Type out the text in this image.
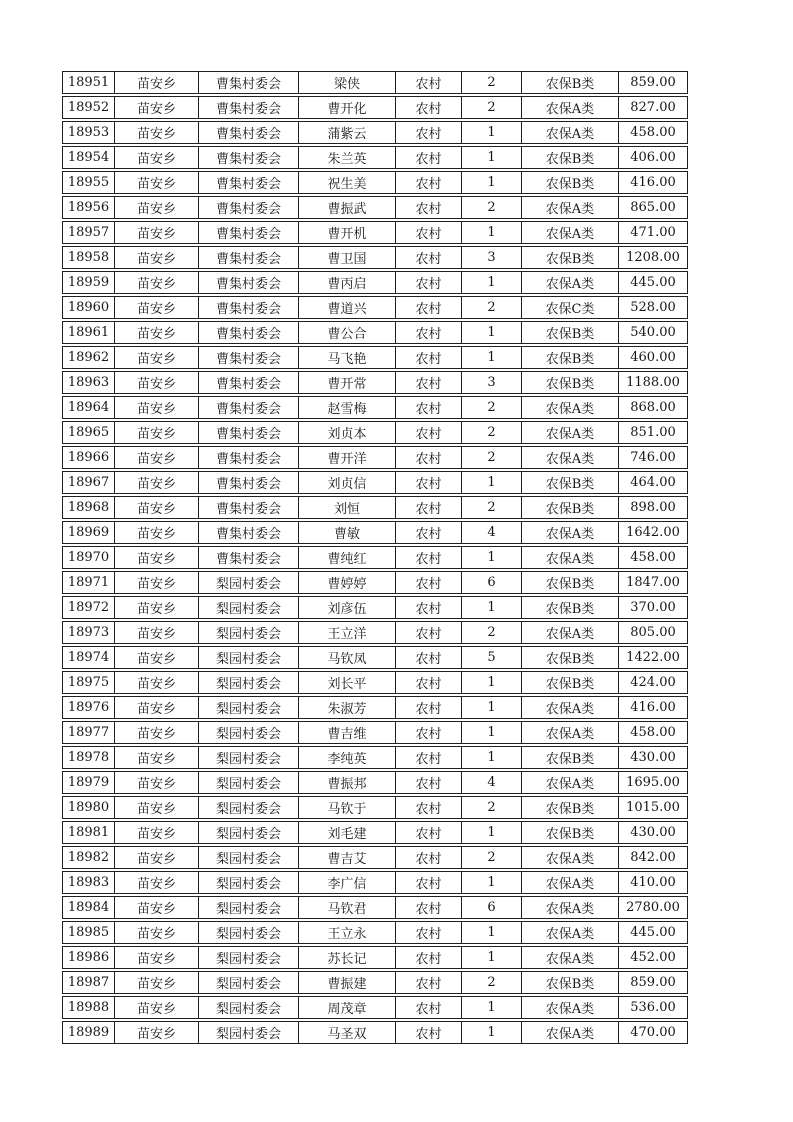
18951	苗安乡	曹集村委会	梁侠	农村	2	农保B类	859.00
18952	苗安乡	曹集村委会	曹开化	农村	2	农保A类	827.00
18953	苗安乡	曹集村委会	蒲紫云	农村	1	农保A类	458.00
18954	苗安乡	曹集村委会	朱兰英	农村	1	农保B类	406.00
18955	苗安乡	曹集村委会	祝生美	农村	1	农保B类	416.00
18956	苗安乡	曹集村委会	曹振武	农村	2	农保A类	865.00
18957	苗安乡	曹集村委会	曹开机	农村	1	农保A类	471.00
18958	苗安乡	曹集村委会	曹卫国	农村	3	农保B类	1208.00
18959	苗安乡	曹集村委会	曹丙启	农村	1	农保A类	445.00
18960	苗安乡	曹集村委会	曹道兴	农村	2	农保C类	528.00
18961	苗安乡	曹集村委会	曹公合	农村	1	农保B类	540.00
18962	苗安乡	曹集村委会	马飞艳	农村	1	农保B类	460.00
18963	苗安乡	曹集村委会	曹开常	农村	3	农保B类	1188.00
18964	苗安乡	曹集村委会	赵雪梅	农村	2	农保A类	868.00
18965	苗安乡	曹集村委会	刘贞本	农村	2	农保A类	851.00
18966	苗安乡	曹集村委会	曹开洋	农村	2	农保A类	746.00
18967	苗安乡	曹集村委会	刘贞信	农村	1	农保B类	464.00
18968	苗安乡	曹集村委会	刘恒	农村	2	农保B类	898.00
18969	苗安乡	曹集村委会	曹敏	农村	4	农保A类	1642.00
18970	苗安乡	曹集村委会	曹纯红	农村	1	农保A类	458.00
18971	苗安乡	梨园村委会	曹婷婷	农村	6	农保B类	1847.00
18972	苗安乡	梨园村委会	刘彦伍	农村	1	农保B类	370.00
18973	苗安乡	梨园村委会	王立洋	农村	2	农保A类	805.00
18974	苗安乡	梨园村委会	马钦凤	农村	5	农保B类	1422.00
18975	苗安乡	梨园村委会	刘长平	农村	1	农保B类	424.00
18976	苗安乡	梨园村委会	朱淑芳	农村	1	农保A类	416.00
18977	苗安乡	梨园村委会	曹吉维	农村	1	农保A类	458.00
18978	苗安乡	梨园村委会	李纯英	农村	1	农保B类	430.00
18979	苗安乡	梨园村委会	曹振邦	农村	4	农保A类	1695.00
18980	苗安乡	梨园村委会	马钦于	农村	2	农保B类	1015.00
18981	苗安乡	梨园村委会	刘毛建	农村	1	农保B类	430.00
18982	苗安乡	梨园村委会	曹吉艾	农村	2	农保A类	842.00
18983	苗安乡	梨园村委会	李广信	农村	1	农保A类	410.00
18984	苗安乡	梨园村委会	马钦君	农村	6	农保A类	2780.00
18985	苗安乡	梨园村委会	王立永	农村	1	农保A类	445.00
18986	苗安乡	梨园村委会	苏长记	农村	1	农保A类	452.00
18987	苗安乡	梨园村委会	曹振建	农村	2	农保B类	859.00
18988	苗安乡	梨园村委会	周茂章	农村	1	农保A类	536.00
18989	苗安乡	梨园村委会	马圣双	农村	1	农保A类	470.00
